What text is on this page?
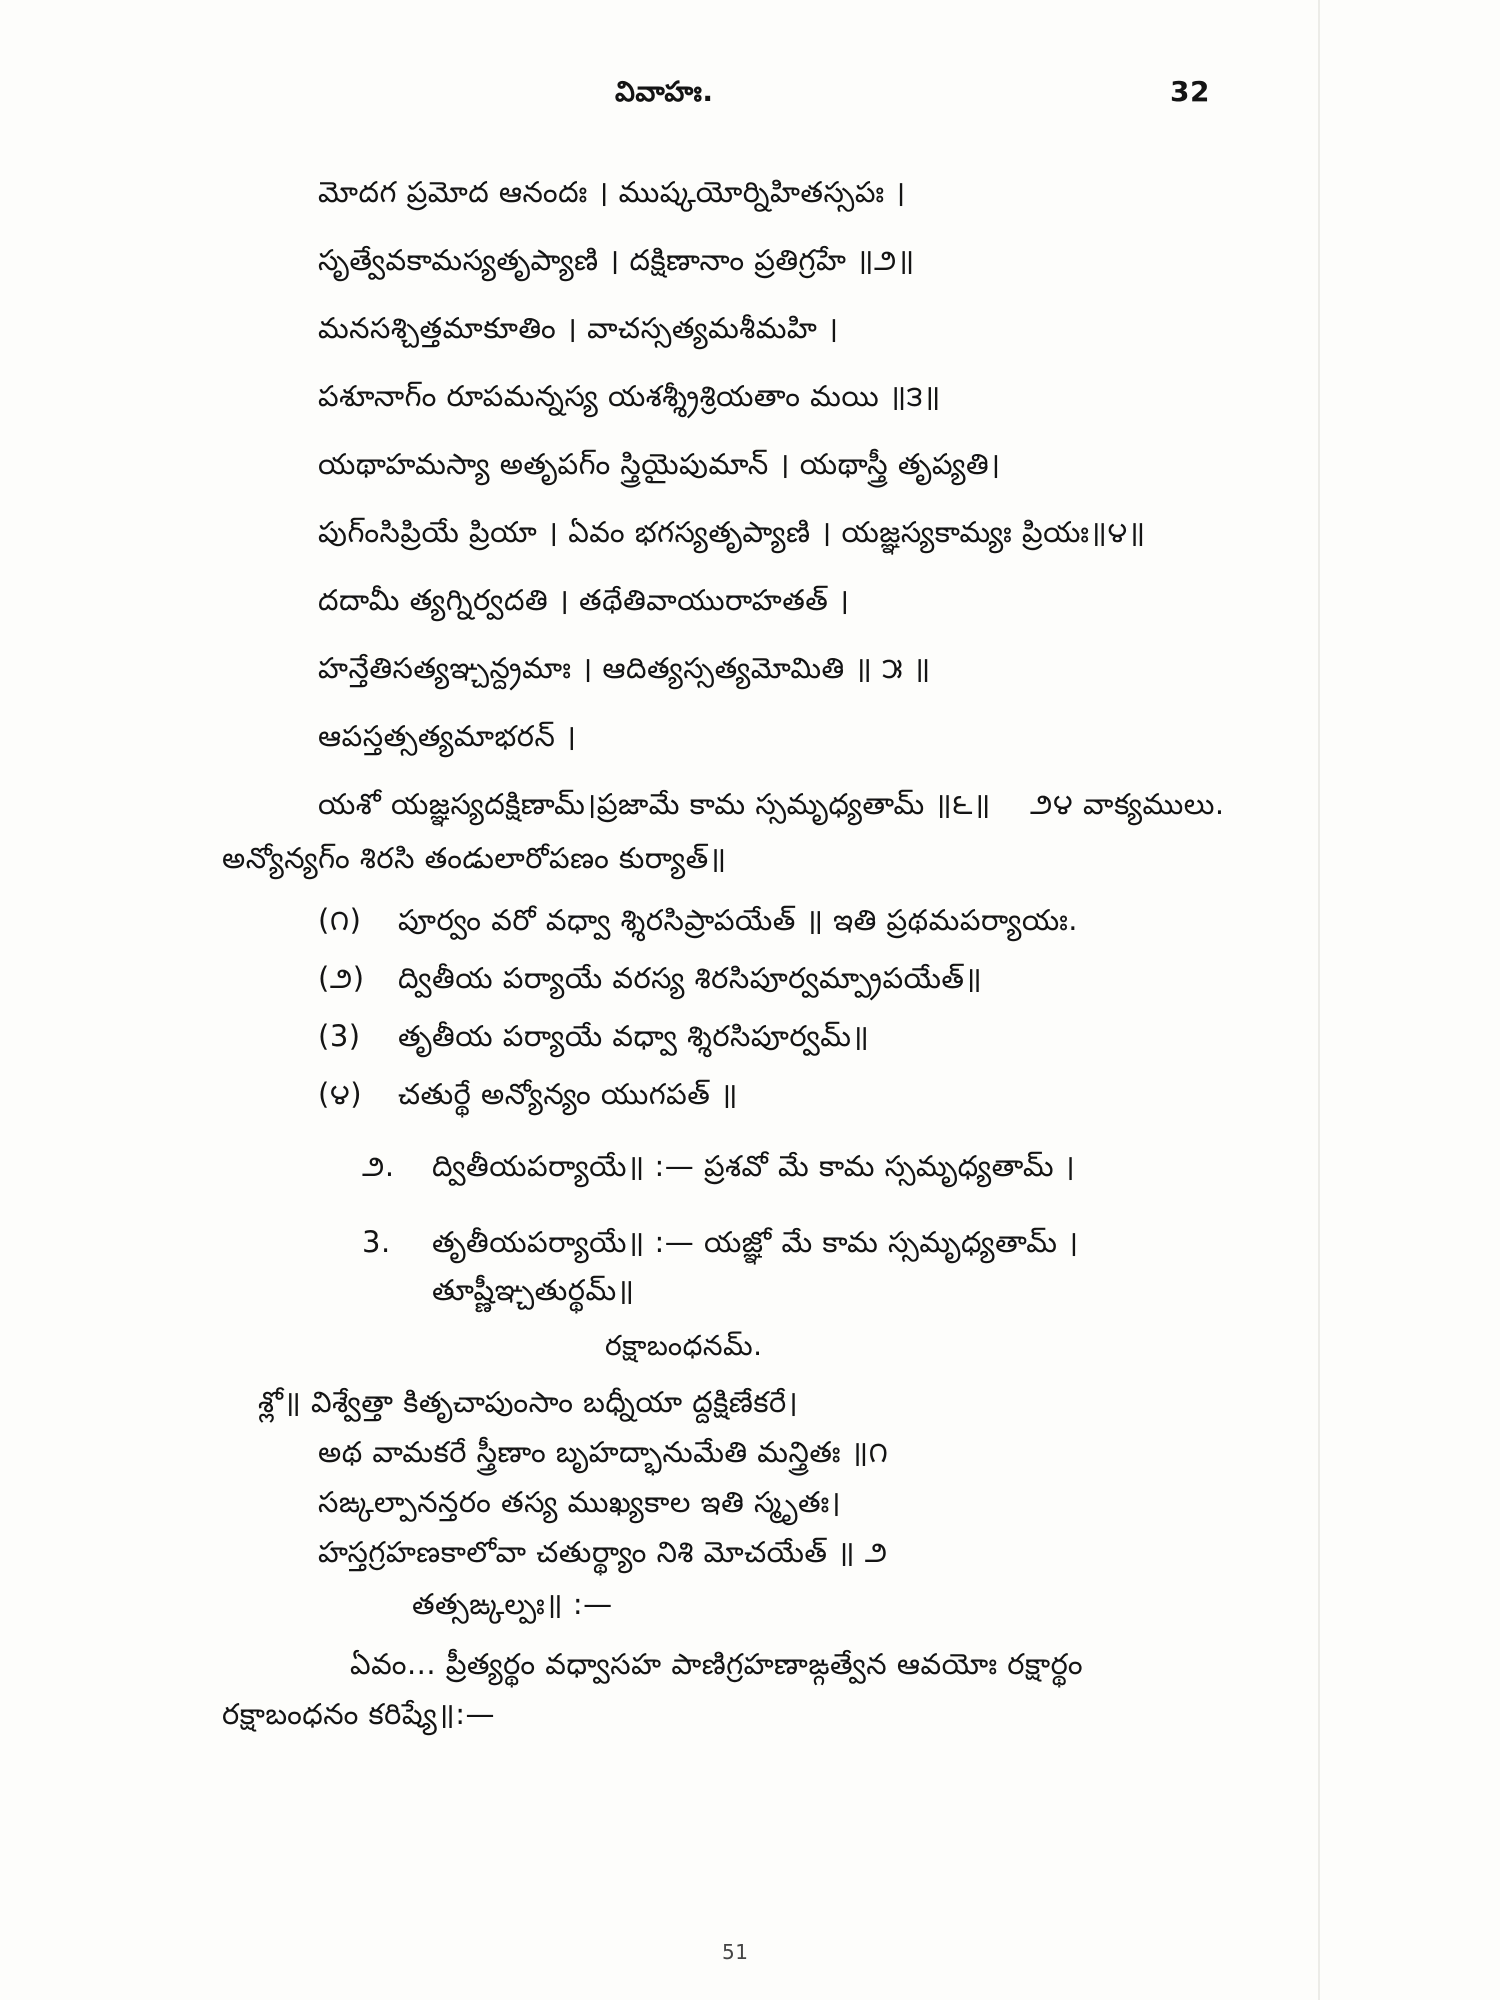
వివాహః.	32
మోదగ ప్రమోద ఆనందః । ముష్కయోర్నిహితస్సపః ।
సృత్వేవకామస్యతృప్యాణి । దక్షిణానాం ప్రతిగ్రహే ॥౨॥
మనసశ్చిత్తమాకూతిం । వాచస్సత్యమశీమహి ।
పశూనాగ్ం రూపమన్నస్య యశశ్శ్రీశ్రియతాం మయి ॥౩॥
యథాహమస్యా అతృపగ్ం స్త్రియైపుమాన్ । యథాస్త్రీ తృప్యతి।
పుగ్ంసిప్రియే ప్రియా । ఏవం భగస్యతృప్యాణి । యజ్ఞస్యకామ్యః ప్రియః॥౪॥
దదామీ త్యగ్నిర్వదతి । తథేతివాయురాహతత్ ।
హన్తేతిసత్యఞ్చన్ద్రమాః । ఆదిత్యస్సత్యమోమితి ॥ ౫ ॥
ఆపస్తత్సత్యమాభరన్ ।
యశో యజ్ఞస్యదక్షిణామ్।ప్రజామే కామ స్సమృధ్యతామ్ ॥౬॥ ౨౪ వాక్యములు.
అన్యోన్యగ్ం శిరసి తండులారోపణం కుర్యాత్॥
(౧) పూర్వం వరో వధ్వా శ్శిరసిప్రాపయేత్ ॥ ఇతి ప్రథమపర్యాయః.
(౨) ద్వితీయ పర్యాయే వరస్య శిరసిపూర్వమ్ప్రాపయేత్॥
(3) తృతీయ పర్యాయే వధ్వా శ్శిరసిపూర్వమ్॥
(౪) చతుర్థే అన్యోన్యం యుగపత్ ॥
౨. ద్వితీయపర్యాయే॥ :— ప్రశవో మే కామ స్సమృధ్యతామ్ ।
3. తృతీయపర్యాయే॥ :— యజ్ఞో మే కామ స్సమృధ్యతామ్ ।
తూష్ణీఞ్చతుర్థమ్॥
రక్షాబంధనమ్.
శ్లో॥ విశ్వేత్తా కితృచాపుంసాం బధ్నీయా ద్దక్షిణేకరే।
అథ వామకరే స్త్రీణాం బృహద్భానుమేతి మన్త్రితః ॥౧
సఙ్కల్పానన్తరం తస్య ముఖ్యకాల ఇతి స్మృతః।
హస్తగ్రహణకాలోవా చతుర్థ్యాం నిశి మోచయేత్ ॥ ౨
తత్సఙ్కల్పః॥ :—
ఏవం... ప్రీత్యర్థం వధ్వాసహ పాణిగ్రహణాఙ్గత్వేన ఆవయోః రక్షార్థం
రక్షాబంధనం కరిష్యే॥:—
51
